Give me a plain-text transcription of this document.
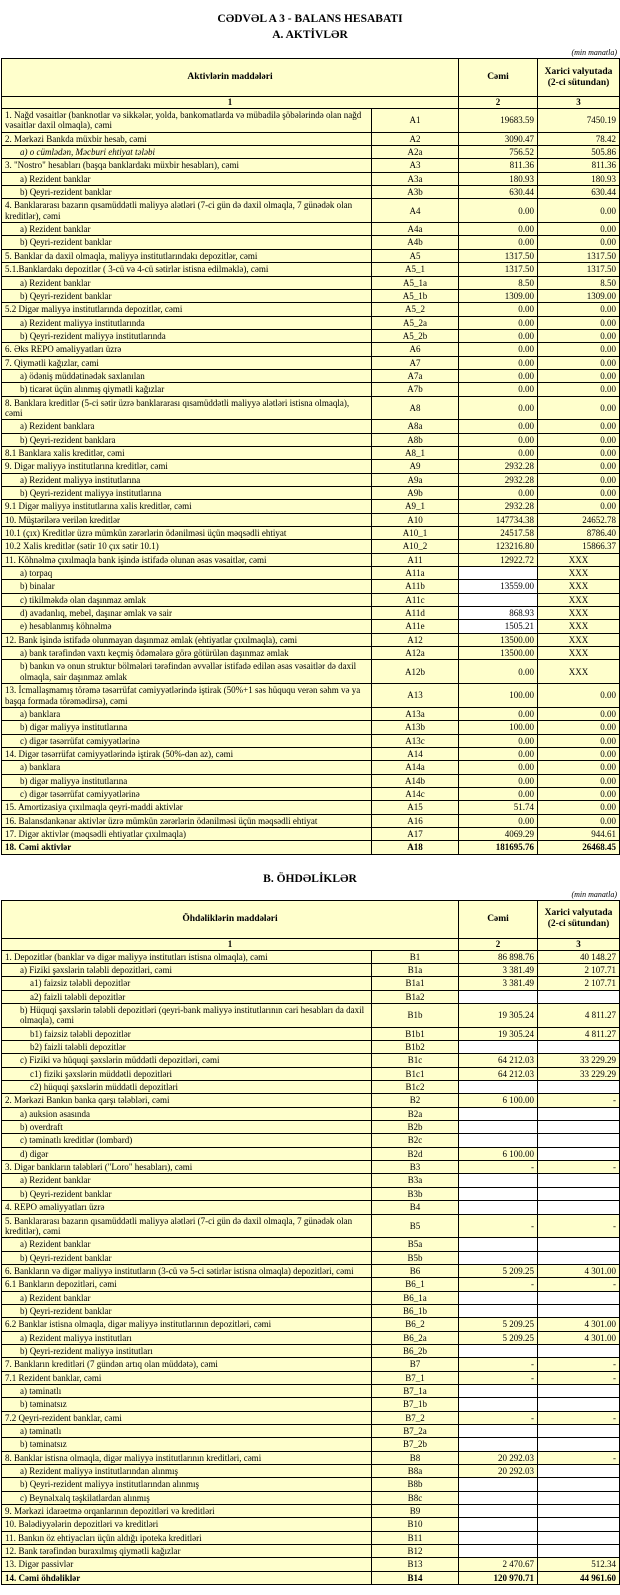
CƏDVƏL A 3 - BALANS HESABATI
A. AKTİVLƏR
(min manatla)
Aktivlərin maddələri		Cəmi	Xarici valyutada (2-ci sütundan)
1		2	3
1. Nağd vəsaitlər (banknotlar və sikkələr, yolda, bankomatlarda və mübadilə şöbələrində olan nağd vəsaitlər daxil olmaqla), cəmi	A1	19683.59	7450.19
2. Mərkəzi Bankda müxbir hesab, cəmi	A2	3090.47	78.42
a) o cümlədən, Məcburi ehtiyat tələbi	A2a	756.52	505.86
3. "Nostro" hesabları (başqa banklardakı müxbir hesabları), cəmi	A3	811.36	811.36
a) Rezident banklar	A3a	180.93	180.93
b) Qeyri-rezident banklar	A3b	630.44	630.44
4. Banklararası bazarın qısamüddətli maliyyə alətləri (7-ci gün də daxil olmaqla, 7 günədək olan kreditlər), cəmi	A4	0.00	0.00
a) Rezident banklar	A4a	0.00	0.00
b) Qeyri-rezident banklar	A4b	0.00	0.00
5. Banklar da daxil olmaqla, maliyyə institutlarındakı depozitlər, cəmi	A5	1317.50	1317.50
5.1.Banklardakı depozitlər ( 3-cü və 4-cü sətirlər istisna edilməklə), cəmi	A5_1	1317.50	1317.50
a) Rezident banklar	A5_1a	8.50	8.50
b) Qeyri-rezident banklar	A5_1b	1309.00	1309.00
5.2 Digər maliyyə institutlarında depozitlər, cəmi	A5_2	0.00	0.00
a) Rezident maliyyə institutlarında	A5_2a	0.00	0.00
b) Qeyri-rezident maliyyə institutlarında	A5_2b	0.00	0.00
6. Əks REPO əməliyyatları üzrə	A6	0.00	0.00
7. Qiymətli kağızlar, cəmi	A7	0.00	0.00
a) ödəniş müddətinədək saxlanılan	A7a	0.00	0.00
b) ticarət üçün alınmış qiymətli kağızlar	A7b	0.00	0.00
8. Banklara kreditlər (5-ci sətir üzrə banklararası qısamüddətli maliyyə alətləri istisna olmaqla), cəmi	A8	0.00	0.00
a) Rezident banklara	A8a	0.00	0.00
b) Qeyri-rezident banklara	A8b	0.00	0.00
8.1 Banklara xalis kreditlər, cəmi	A8_1	0.00	0.00
9. Digər maliyyə institutlarına kreditlər, cəmi	A9	2932.28	0.00
a) Rezident maliyyə institutlarına	A9a	2932.28	0.00
b) Qeyri-rezident maliyyə institutlarına	A9b	0.00	0.00
9.1 Digər maliyyə institutlarına xalis kreditlər, cəmi	A9_1	2932.28	0.00
10. Müştərilərə verilən kreditlər	A10	147734.38	24652.78
10.1 (çıx) Kreditlər üzrə mümkün zərərlərin ödənilməsi üçün məqsədli ehtiyat	A10_1	24517.58	8786.40
10.2 Xalis kreditlər (sətir 10 çıx sətir 10.1)	A10_2	123216.80	15866.37
11. Köhnəlmə çıxılmaqla bank işində istifadə olunan əsas vəsaitlər, cəmi	A11	12922.72	XXX
a) torpaq	A11a		XXX
b) binalar	A11b	13559.00	XXX
c) tikilməkdə olan daşınmaz əmlak	A11c		XXX
d) avadanlıq, mebel, daşınar əmlak və sair	A11d	868.93	XXX
e) hesablanmış köhnəlmə	A11e	1505.21	XXX
12. Bank işində istifadə olunmayan daşınmaz əmlak (ehtiyatlar çıxılmaqla), cəmi	A12	13500.00	XXX
a) bank tərəfindən vaxtı keçmiş ödəmələrə görə götürülən daşınmaz əmlak	A12a	13500.00	XXX
b) bankın və onun struktur bölmələri tərəfindən əvvəllər istifadə edilən əsas vəsaitlər də daxil olmaqla, sair daşınmaz əmlak	A12b	0.00	XXX
13. İcmallaşmamış törəmə təsərrüfat cəmiyyətlərində iştirak (50%+1 səs hüququ verən səhm və ya başqa formada törəmədirsə), cəmi	A13	100.00	0.00
a) banklara	A13a	0.00	0.00
b) digər maliyyə institutlarına	A13b	100.00	0.00
c) digər təsərrüfat cəmiyyətlərinə	A13c	0.00	0.00
14. Digər təsərrüfat cəmiyyətlərində iştirak (50%-dən az), cəmi	A14	0.00	0.00
a) banklara	A14a	0.00	0.00
b) digər maliyyə institutlarına	A14b	0.00	0.00
c) digər təsərrüfat cəmiyyətlərinə	A14c	0.00	0.00
15. Amortizasiya çıxılmaqla qeyri-maddi aktivlər	A15	51.74	0.00
16. Balansdankənar aktivlər üzrə mümkün zərərlərin ödənilməsi üçün məqsədli ehtiyat	A16	0.00	0.00
17. Digər aktivlər (məqsədli ehtiyatlar çıxılmaqla)	A17	4069.29	944.61
18. Cəmi aktivlər	A18	181695.76	26468.45
B. ÖHDƏLİKLƏR
(min manatla)
Öhdəliklərin maddələri		Cəmi	Xarici valyutada (2-ci sütundan)
1		2	3
1. Depozitlər (banklar və digər maliyyə institutları istisna olmaqla), cəmi	B1	86 898.76	40 148.27
a) Fiziki şəxslərin tələbli depozitləri, cəmi	B1a	3 381.49	2 107.71
a1) faizsiz tələbli depozitlər	B1a1	3 381.49	2 107.71
a2) faizli tələbli depozitlər	B1a2		
b) Hüquqi şəxslərin tələbli depozitləri (qeyri-bank maliyyə institutlarının cari hesabları da daxil olmaqla), cəmi	B1b	19 305.24	4 811.27
b1) faizsiz tələbli depozitlər	B1b1	19 305.24	4 811.27
b2) faizli tələbli depozitlər	B1b2		
c) Fiziki və hüquqi şəxslərin müddətli depozitləri, cəmi	B1c	64 212.03	33 229.29
c1) fiziki şəxslərin müddətli depozitləri	B1c1	64 212.03	33 229.29
c2) hüquqi şəxslərin müddətli depozitləri	B1c2		
2. Mərkəzi Bankın banka qarşı tələbləri, cəmi	B2	6 100.00	-
a) auksion əsasında	B2a		
b) overdraft	B2b		
c) təminatlı kreditlər (lombard)	B2c		
d) digər	B2d	6 100.00	
3. Digər bankların tələbləri ("Loro" hesabları), cəmi	B3	-	-
a) Rezident banklar	B3a		
b) Qeyri-rezident banklar	B3b		
4. REPO əməliyyatları üzrə	B4		
5. Banklararası bazarın qısamüddətli maliyyə alətləri (7-ci gün də daxil olmaqla, 7 günədək olan kreditlər), cəmi	B5	-	-
a) Rezident banklar	B5a		
b) Qeyri-rezident banklar	B5b		
6. Bankların və digər maliyyə institutların (3-cü və 5-ci sətirlər istisna olmaqla) depozitləri, cəmi	B6	5 209.25	4 301.00
6.1 Bankların depozitləri, cəmi	B6_1	-	-
a) Rezident banklar	B6_1a		
b) Qeyri-rezident banklar	B6_1b		
6.2 Banklar istisna olmaqla, digər maliyyə institutlarının depozitləri, cəmi	B6_2	5 209.25	4 301.00
a) Rezident maliyyə institutları	B6_2a	5 209.25	4 301.00
b) Qeyri-rezident maliyyə institutları	B6_2b		
7. Bankların kreditləri (7 gündən artıq olan müddətə), cəmi	B7	-	-
7.1 Rezident banklar, cəmi	B7_1	-	-
a) təminatlı	B7_1a		
b) təminatsız	B7_1b		
7.2 Qeyri-rezident banklar, cəmi	B7_2	-	-
a) təminatlı	B7_2a		
b) təminatsız	B7_2b		
8. Banklar istisna olmaqla, digər maliyyə institutlarının kreditləri, cəmi	B8	20 292.03	-
a) Rezident maliyyə institutlarından alınmış	B8a	20 292.03	
b) Qeyri-rezident maliyyə institutlarından alınmış	B8b		
c) Beynəlxalq təşkilatlardan alınmış	B8c		
9. Mərkəzi idarəetmə orqanlarının depozitləri və kreditləri	B9		
10. Bələdiyyələrin depozitləri və kreditləri	B10		
11. Bankın öz ehtiyacları üçün aldığı ipoteka kreditləri	B11		
12. Bank tərəfindən buraxılmış qiymətli kağızlar	B12		
13. Digər passivlər	B13	2 470.67	512.34
14. Cəmi öhdəliklər	B14	120 970.71	44 961.60
